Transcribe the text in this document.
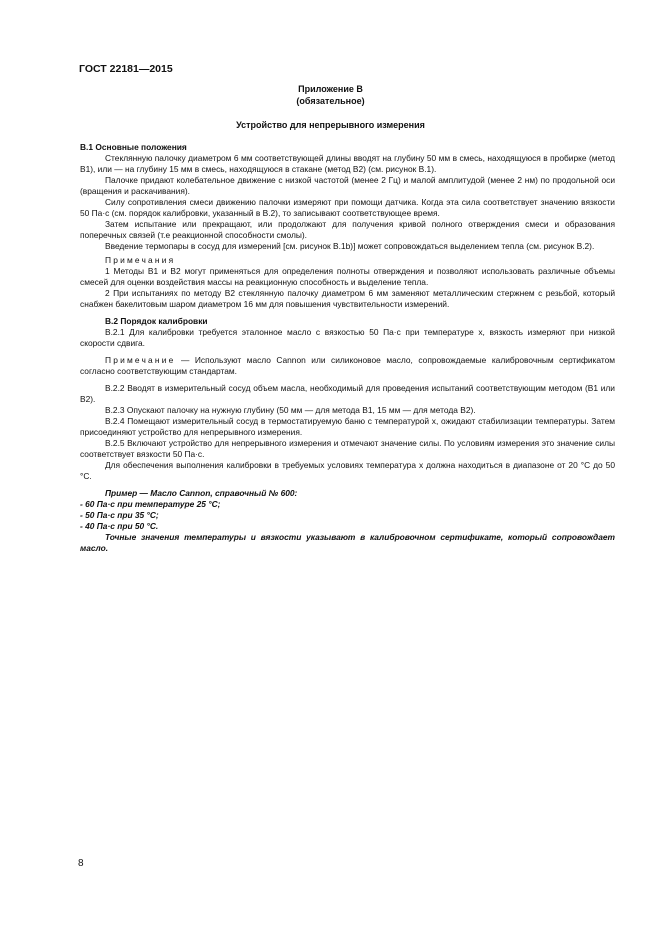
ГОСТ 22181—2015
Приложение В
(обязательное)
Устройство для непрерывного измерения

В.1 Основные положения

Стеклянную палочку диаметром 6 мм соответствующей длины вводят на глубину 50 мм в смесь, находящуюся в пробирке (метод В1), или — на глубину 15 мм в смесь, находящуюся в стакане (метод В2) (см. рисунок В.1).

Палочке придают колебательное движение с низкой частотой (менее 2 Гц) и малой амплитудой (менее 2 нм) по продольной оси (вращения и раскачивания).

Силу сопротивления смеси движению палочки измеряют при помощи датчика. Когда эта сила соответствует значению вязкости 50 Па·с (см. порядок калибровки, указанный в В.2), то записывают соответствующее время.

Затем испытание или прекращают, или продолжают для получения кривой полного отверждения смеси и образования поперечных связей (т.е реакционной способности смолы).

Введение термопары в сосуд для измерений [см. рисунок В.1b)] может сопровождаться выделением тепла (см. рисунок В.2).

Примечания

1 Методы В1 и В2 могут применяться для определения полноты отверждения и позволяют использовать различные объемы смесей для оценки воздействия массы на реакционную способность и выделение тепла.

2 При испытаниях по методу В2 стеклянную палочку диаметром 6 мм заменяют металлическим стержнем с резьбой, который снабжен бакелитовым шаром диаметром 16 мм для повышения чувствительности измерений.

В.2 Порядок калибровки

В.2.1 Для калибровки требуется эталонное масло с вязкостью 50 Па·с при температуре x, вязкость измеряют при низкой скорости сдвига.

Примечание — Используют масло Cannon или силиконовое масло, сопровождаемые калибровочным сертификатом согласно соответствующим стандартам.

В.2.2 Вводят в измерительный сосуд объем масла, необходимый для проведения испытаний соответствующим методом (В1 или В2).

В.2.3 Опускают палочку на нужную глубину (50 мм — для метода В1, 15 мм — для метода В2).

В.2.4 Помещают измерительный сосуд в термостатируемую баню с температурой x, ожидают стабилизации температуры. Затем присоединяют устройство для непрерывного измерения.

В.2.5 Включают устройство для непрерывного измерения и отмечают значение силы. По условиям измерения это значение силы соответствует вязкости 50 Па·с.

Для обеспечения выполнения калибровки в требуемых условиях температура x должна находиться в диапазоне от 20 °С до 50 °С.

Пример — Масло Cannon, справочный № 600:

- 60 Па·с при температуре 25 °С;

- 50 Па·с при 35 °С;

- 40 Па·с при 50 °С.

Точные значения температуры и вязкости указывают в калибровочном сертификате, который сопровождает масло.

8
